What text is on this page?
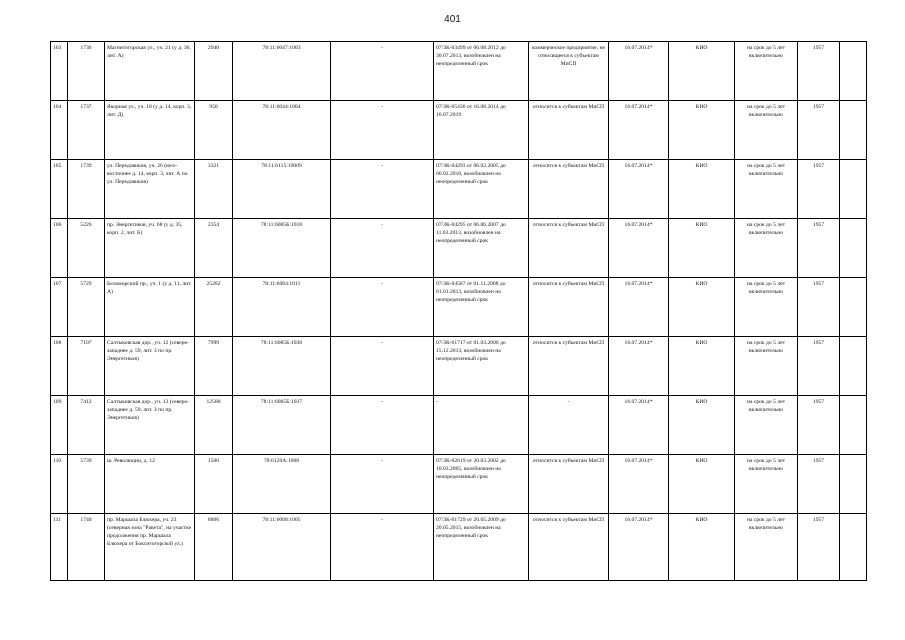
401
103	1736	Магнитогорская ул., уч. 21 (у д. 30, лит. А)	2940	78:11:6047:1003	-	07/ЗК-03499 от 06.08.2012 до 30.07.2013, возобновлен на неопределенный срок	коммерческое предприятие, не относящееся к субъектам МиСП	16.07.2014*	КИО	на срок до 5 лет включительно	1957	
104	1737	Якорная ул., уч. 18 (у д. 14, корп. 3, лит. Д)	950	78:11:6044:1004	-	07/ЗК-05430 от 16.08.2014 до 16.07.2019	относится к субъектам МиСП	16.07.2014*	КИО	на срок до 5 лет включительно	1957	
105	1739	ул. Передовиков, уч. 26 (юго-восточнее д. 14, корп. 3, лит. А по ул. Передовиков)	3321	78:11:6115:19009	-	07/ЗК-04293 от 06.02.2005 до 06.02.2010, возобновлен на неопределенный срок	относится к субъектам МиСП	16.07.2014*	КИО	на срок до 5 лет включительно	1957	
106	5226	пр. Энергетиков, уч. 68 (у д. 35, корп. 2, лит. Б)	2354	78:11:6085Б:1018	-	07/ЗК-04295 от 06.06.2007 до 11.03.2013, возобновлен на неопределенный срок	относится к субъектам МиСП	16.07.2014*	КИО	на срок до 5 лет включительно	1957	
107	5729	Беломорский пр., уч. 1 (у д. 11, лит. А)	25282	78:11:6084:1011	-	07/ЗК-04587 от 01.11.2008 до 01.01.2013, возобновлен на неопределенный срок	относится к субъектам МиСП	16.07.2014*	КИО	на срок до 5 лет включительно	1957	
108	7107	Салтыковская дор., уч. 12 (северо-западнее д. 59, лит. З по пр. Энергетиков)	7999	78:11:6085Б:1038	-	07/ЗК-01717 от 01.03.2000 до 15.12.2013, возобновлен на неопределенный срок	относится к субъектам МиСП	16.07.2014*	КИО	на срок до 5 лет включительно	1957	
109	7412	Салтыковская дор., уч. 13 (северо-западнее д. 59, лит. З по пр. Энергетиков)	12588	78:11:6085Б:1037	-	-	-	16.07.2014*	КИО	на срок до 5 лет включительно	1957	
110	5739	ш. Революции, д. 12	1500	78:6120А:1008	-	07/ЗК-02619 от 20.03.2002 до 10.03.2005, возобновлен на неопределенный срок	относится к субъектам МиСП	16.07.2014*	КИО	на срок до 5 лет включительно	1957	
111	1740	пр. Маршала Блюхера, уч. 23 (северная зона "Ракета", на участке продолжения пр. Маршала Блюхера от Бокситогорской ул.)	8806	78:11:6008:1005	-	07/ЗК-01729 от 20.05.2009 до 20.05.2015, возобновлен на неопределенный срок	относится к субъектам МиСП	16.07.2014*	КИО	на срок до 5 лет включительно	1957	
